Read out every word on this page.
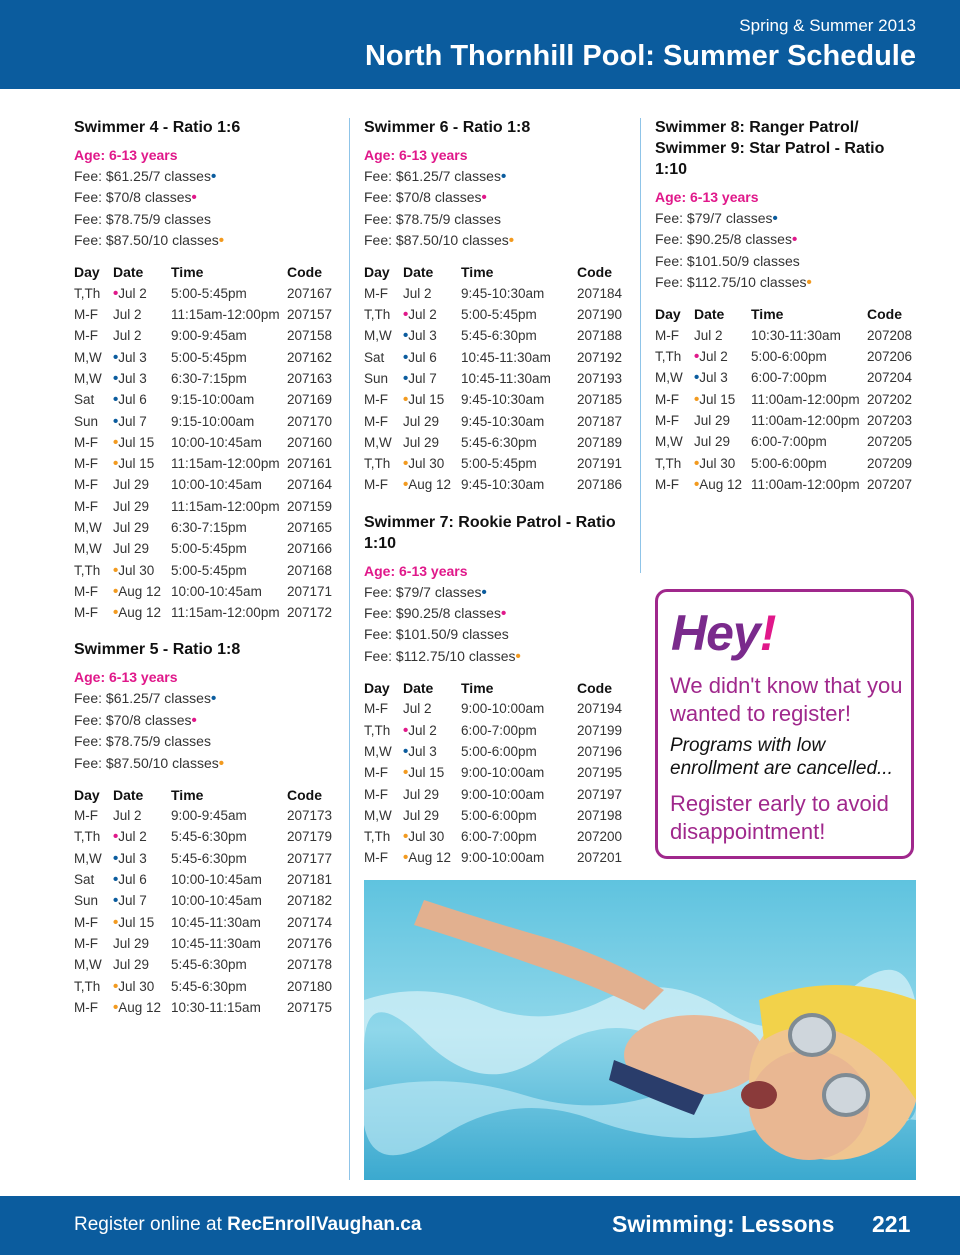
Spring & Summer 2013
North Thornhill Pool: Summer Schedule
Swimmer 4 - Ratio 1:6
Age: 6-13 years
Fee: $61.25/7 classes•
Fee: $70/8 classes•
Fee: $78.75/9 classes
Fee: $87.50/10 classes•
Day	Date	Time	Code
T,Th	•Jul 2	5:00-5:45pm	207167
M-F	Jul 2	11:15am-12:00pm	207157
M-F	Jul 2	9:00-9:45am	207158
M,W	•Jul 3	5:00-5:45pm	207162
M,W	•Jul 3	6:30-7:15pm	207163
Sat	•Jul 6	9:15-10:00am	207169
Sun	•Jul 7	9:15-10:00am	207170
M-F	•Jul 15	10:00-10:45am	207160
M-F	•Jul 15	11:15am-12:00pm	207161
M-F	Jul 29	10:00-10:45am	207164
M-F	Jul 29	11:15am-12:00pm	207159
M,W	Jul 29	6:30-7:15pm	207165
M,W	Jul 29	5:00-5:45pm	207166
T,Th	•Jul 30	5:00-5:45pm	207168
M-F	•Aug 12	10:00-10:45am	207171
M-F	•Aug 12	11:15am-12:00pm	207172
Swimmer 5 - Ratio 1:8
Age: 6-13 years
Fee: $61.25/7 classes•
Fee: $70/8 classes•
Fee: $78.75/9 classes
Fee: $87.50/10 classes•
Day	Date	Time	Code
M-F	Jul 2	9:00-9:45am	207173
T,Th	•Jul 2	5:45-6:30pm	207179
M,W	•Jul 3	5:45-6:30pm	207177
Sat	•Jul 6	10:00-10:45am	207181
Sun	•Jul 7	10:00-10:45am	207182
M-F	•Jul 15	10:45-11:30am	207174
M-F	Jul 29	10:45-11:30am	207176
M,W	Jul 29	5:45-6:30pm	207178
T,Th	•Jul 30	5:45-6:30pm	207180
M-F	•Aug 12	10:30-11:15am	207175
Swimmer 6 - Ratio 1:8
Age: 6-13 years
Fee: $61.25/7 classes•
Fee: $70/8 classes•
Fee: $78.75/9 classes
Fee: $87.50/10 classes•
Day	Date	Time	Code
M-F	Jul 2	9:45-10:30am	207184
T,Th	•Jul 2	5:00-5:45pm	207190
M,W	•Jul 3	5:45-6:30pm	207188
Sat	•Jul 6	10:45-11:30am	207192
Sun	•Jul 7	10:45-11:30am	207193
M-F	•Jul 15	9:45-10:30am	207185
M-F	Jul 29	9:45-10:30am	207187
M,W	Jul 29	5:45-6:30pm	207189
T,Th	•Jul 30	5:00-5:45pm	207191
M-F	•Aug 12	9:45-10:30am	207186
Swimmer 7: Rookie Patrol - Ratio 1:10
Age: 6-13 years
Fee: $79/7 classes•
Fee: $90.25/8 classes•
Fee: $101.50/9 classes
Fee: $112.75/10 classes•
Day	Date	Time	Code
M-F	Jul 2	9:00-10:00am	207194
T,Th	•Jul 2	6:00-7:00pm	207199
M,W	•Jul 3	5:00-6:00pm	207196
M-F	•Jul 15	9:00-10:00am	207195
M-F	Jul 29	9:00-10:00am	207197
M,W	Jul 29	5:00-6:00pm	207198
T,Th	•Jul 30	6:00-7:00pm	207200
M-F	•Aug 12	9:00-10:00am	207201
Swimmer 8: Ranger Patrol/ Swimmer 9: Star Patrol - Ratio 1:10
Age: 6-13 years
Fee: $79/7 classes•
Fee: $90.25/8 classes•
Fee: $101.50/9 classes
Fee: $112.75/10 classes•
Day	Date	Time	Code
M-F	Jul 2	10:30-11:30am	207208
T,Th	•Jul 2	5:00-6:00pm	207206
M,W	•Jul 3	6:00-7:00pm	207204
M-F	•Jul 15	11:00am-12:00pm	207202
M-F	Jul 29	11:00am-12:00pm	207203
M,W	Jul 29	6:00-7:00pm	207205
T,Th	•Jul 30	5:00-6:00pm	207209
M-F	•Aug 12	11:00am-12:00pm	207207
Hey!
We didn't know that you wanted to register!
Programs with low enrollment are cancelled...
Register early to avoid disappointment!
Register online at RecEnrollVaughan.ca	Swimming: Lessons 221
